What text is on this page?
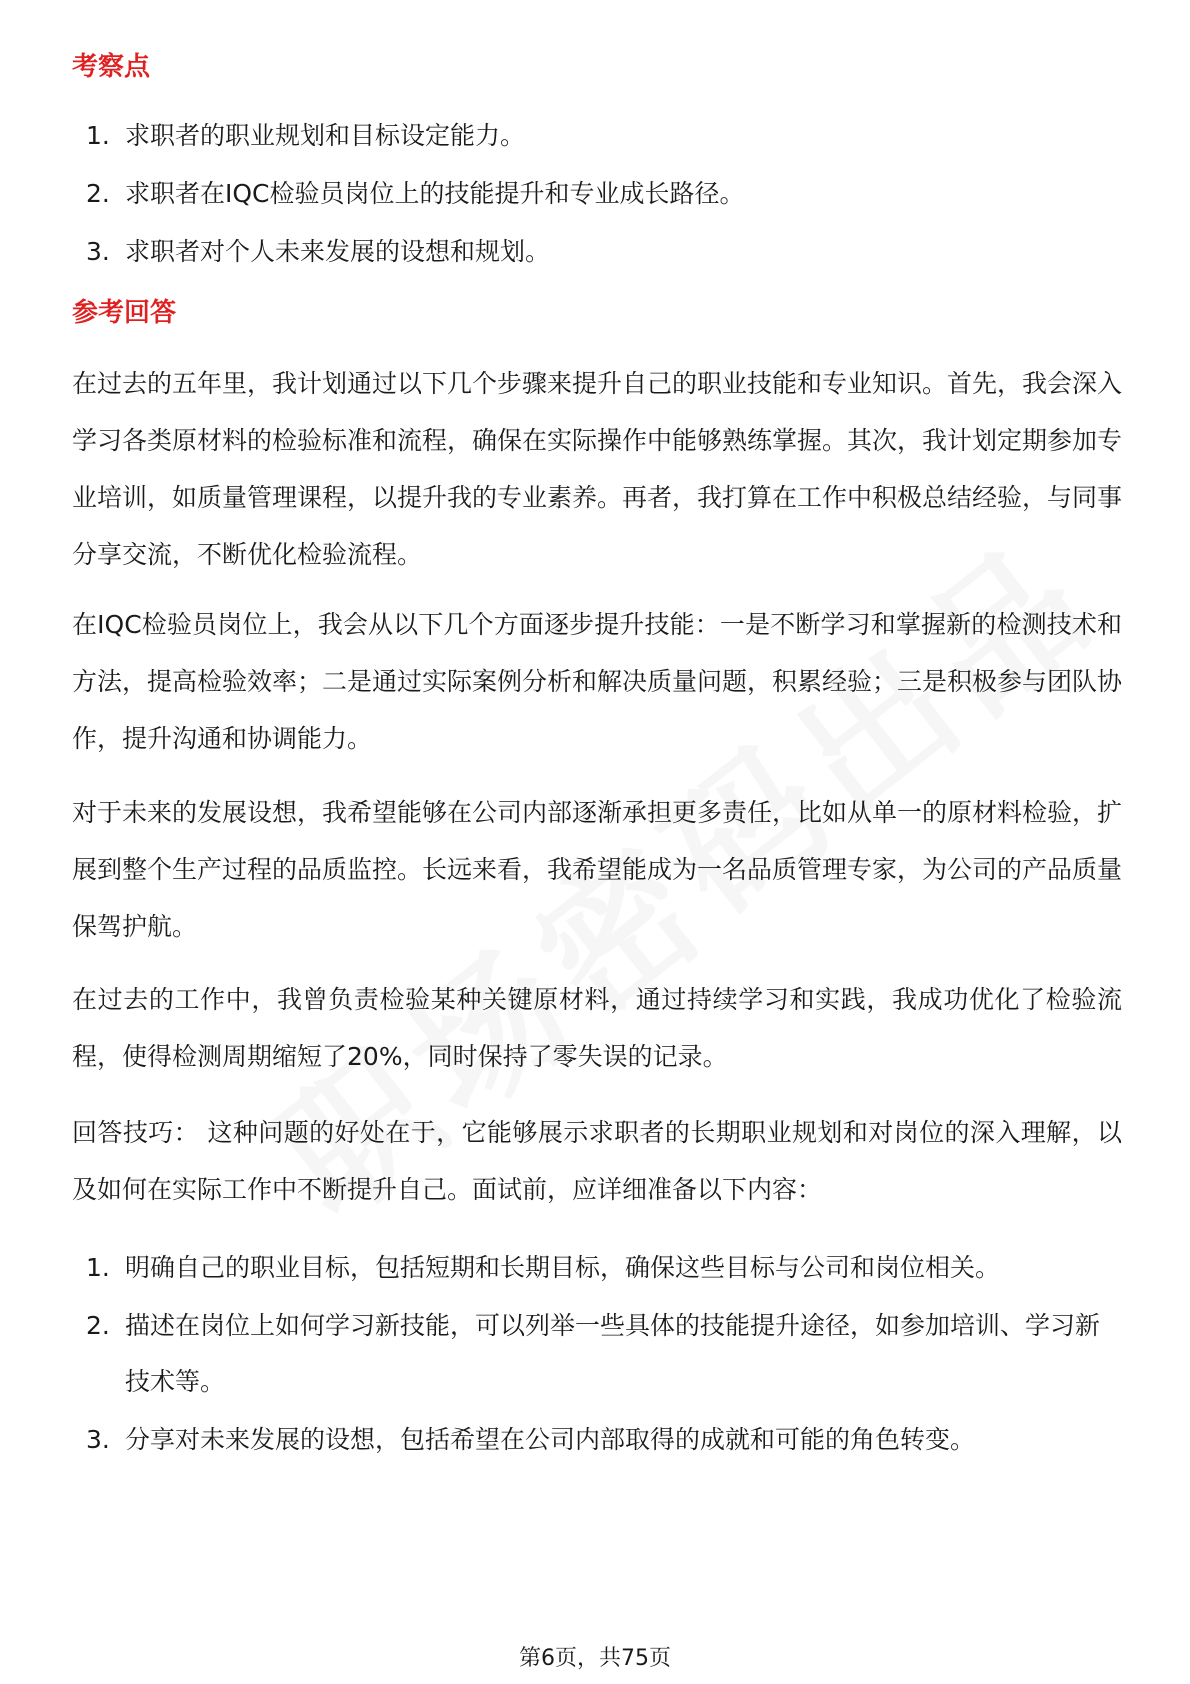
考察点
1. 求职者的职业规划和目标设定能力。
2. 求职者在IQC检验员岗位上的技能提升和专业成长路径。
3. 求职者对个人未来发展的设想和规划。
参考回答

在过去的五年里，我计划通过以下几个步骤来提升自己的职业技能和专业知识。首先，我会深入学习各类原材料的检验标准和流程，确保在实际操作中能够熟练掌握。其次，我计划定期参加专业培训，如质量管理课程，以提升我的专业素养。再者，我打算在工作中积极总结经验，与同事分享交流，不断优化检验流程。

在IQC检验员岗位上，我会从以下几个方面逐步提升技能：一是不断学习和掌握新的检测技术和方法，提高检验效率；二是通过实际案例分析和解决质量问题，积累经验；三是积极参与团队协作，提升沟通和协调能力。

对于未来的发展设想，我希望能够在公司内部逐渐承担更多责任，比如从单一的原材料检验，扩展到整个生产过程的品质监控。长远来看，我希望能成为一名品质管理专家，为公司的产品质量保驾护航。

在过去的工作中，我曾负责检验某种关键原材料，通过持续学习和实践，我成功优化了检验流程，使得检测周期缩短了20%，同时保持了零失误的记录。

回答技巧： 这种问题的好处在于，它能够展示求职者的长期职业规划和对岗位的深入理解，以及如何在实际工作中不断提升自己。面试前，应详细准备以下内容：

1. 明确自己的职业目标，包括短期和长期目标，确保这些目标与公司和岗位相关。
2. 描述在岗位上如何学习新技能，可以列举一些具体的技能提升途径，如参加培训、学习新技术等。
3. 分享对未来发展的设想，包括希望在公司内部取得的成就和可能的角色转变。
第6页，共75页
